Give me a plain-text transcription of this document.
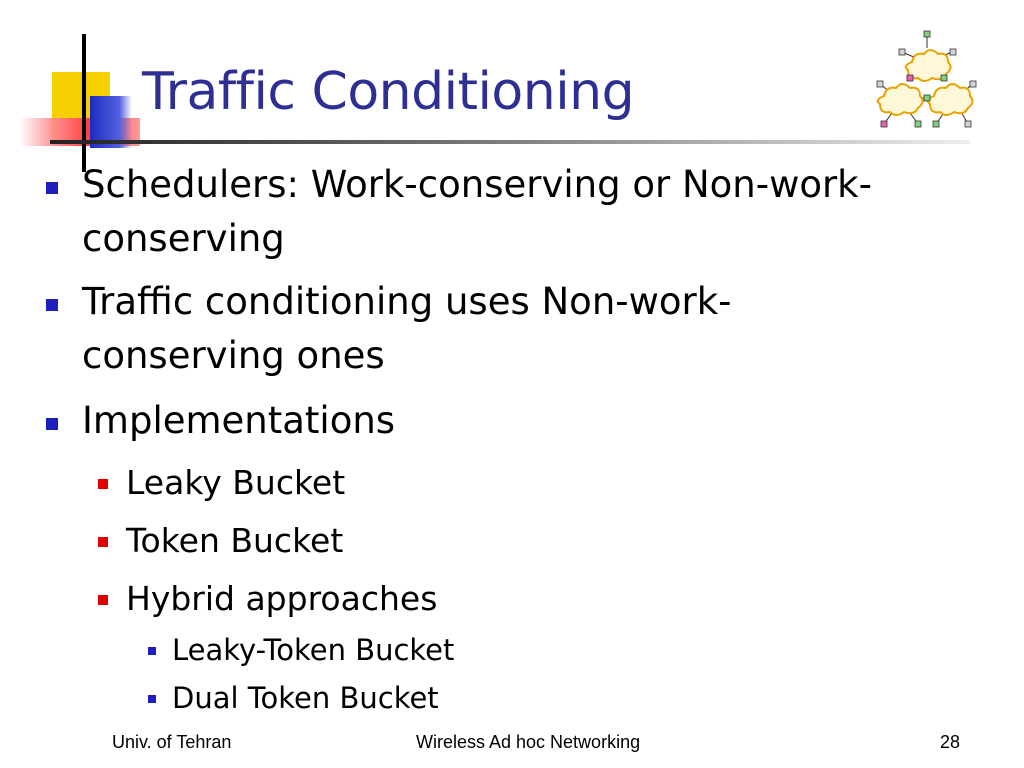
Traffic Conditioning
Schedulers: Work-conserving or Non-work-
conserving
Traffic conditioning uses Non-work-
conserving ones
Implementations
Leaky Bucket
Token Bucket
Hybrid approaches
Leaky-Token Bucket
Dual Token Bucket
Univ. of Tehran	Wireless Ad hoc Networking	28
